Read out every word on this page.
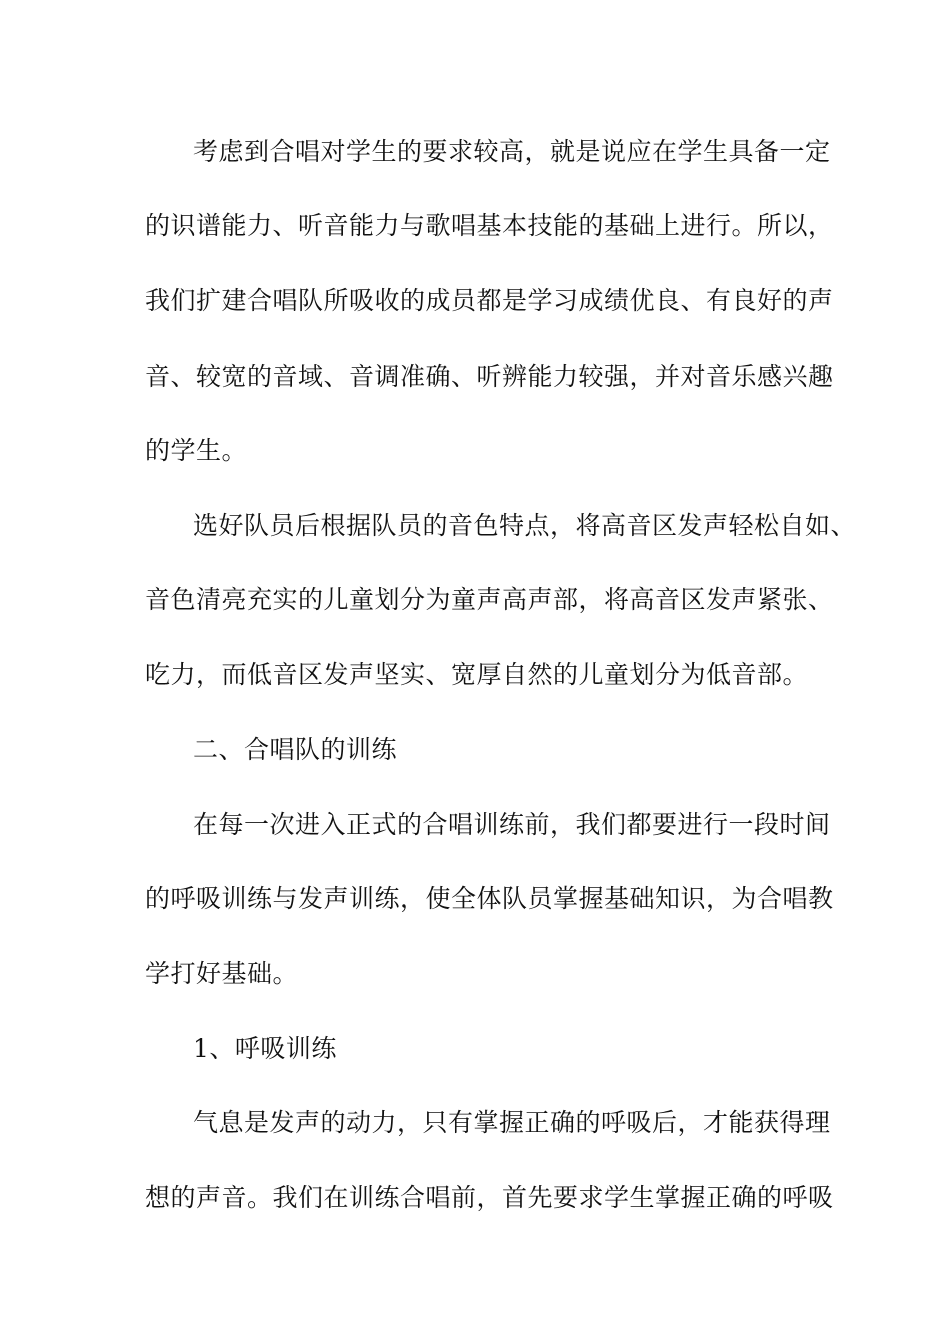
考虑到合唱对学生的要求较高，就是说应在学生具备一定
的识谱能力、听音能力与歌唱基本技能的基础上进行。所以，
我们扩建合唱队所吸收的成员都是学习成绩优良、有良好的声
音、较宽的音域、音调准确、听辨能力较强，并对音乐感兴趣
的学生。
选好队员后根据队员的音色特点，将高音区发声轻松自如、
音色清亮充实的儿童划分为童声高声部，将高音区发声紧张、
吃力，而低音区发声坚实、宽厚自然的儿童划分为低音部。
二、合唱队的训练
在每一次进入正式的合唱训练前，我们都要进行一段时间
的呼吸训练与发声训练，使全体队员掌握基础知识，为合唱教
学打好基础。
1、呼吸训练
气息是发声的动力，只有掌握正确的呼吸后，才能获得理
想的声音。我们在训练合唱前，首先要求学生掌握正确的呼吸
